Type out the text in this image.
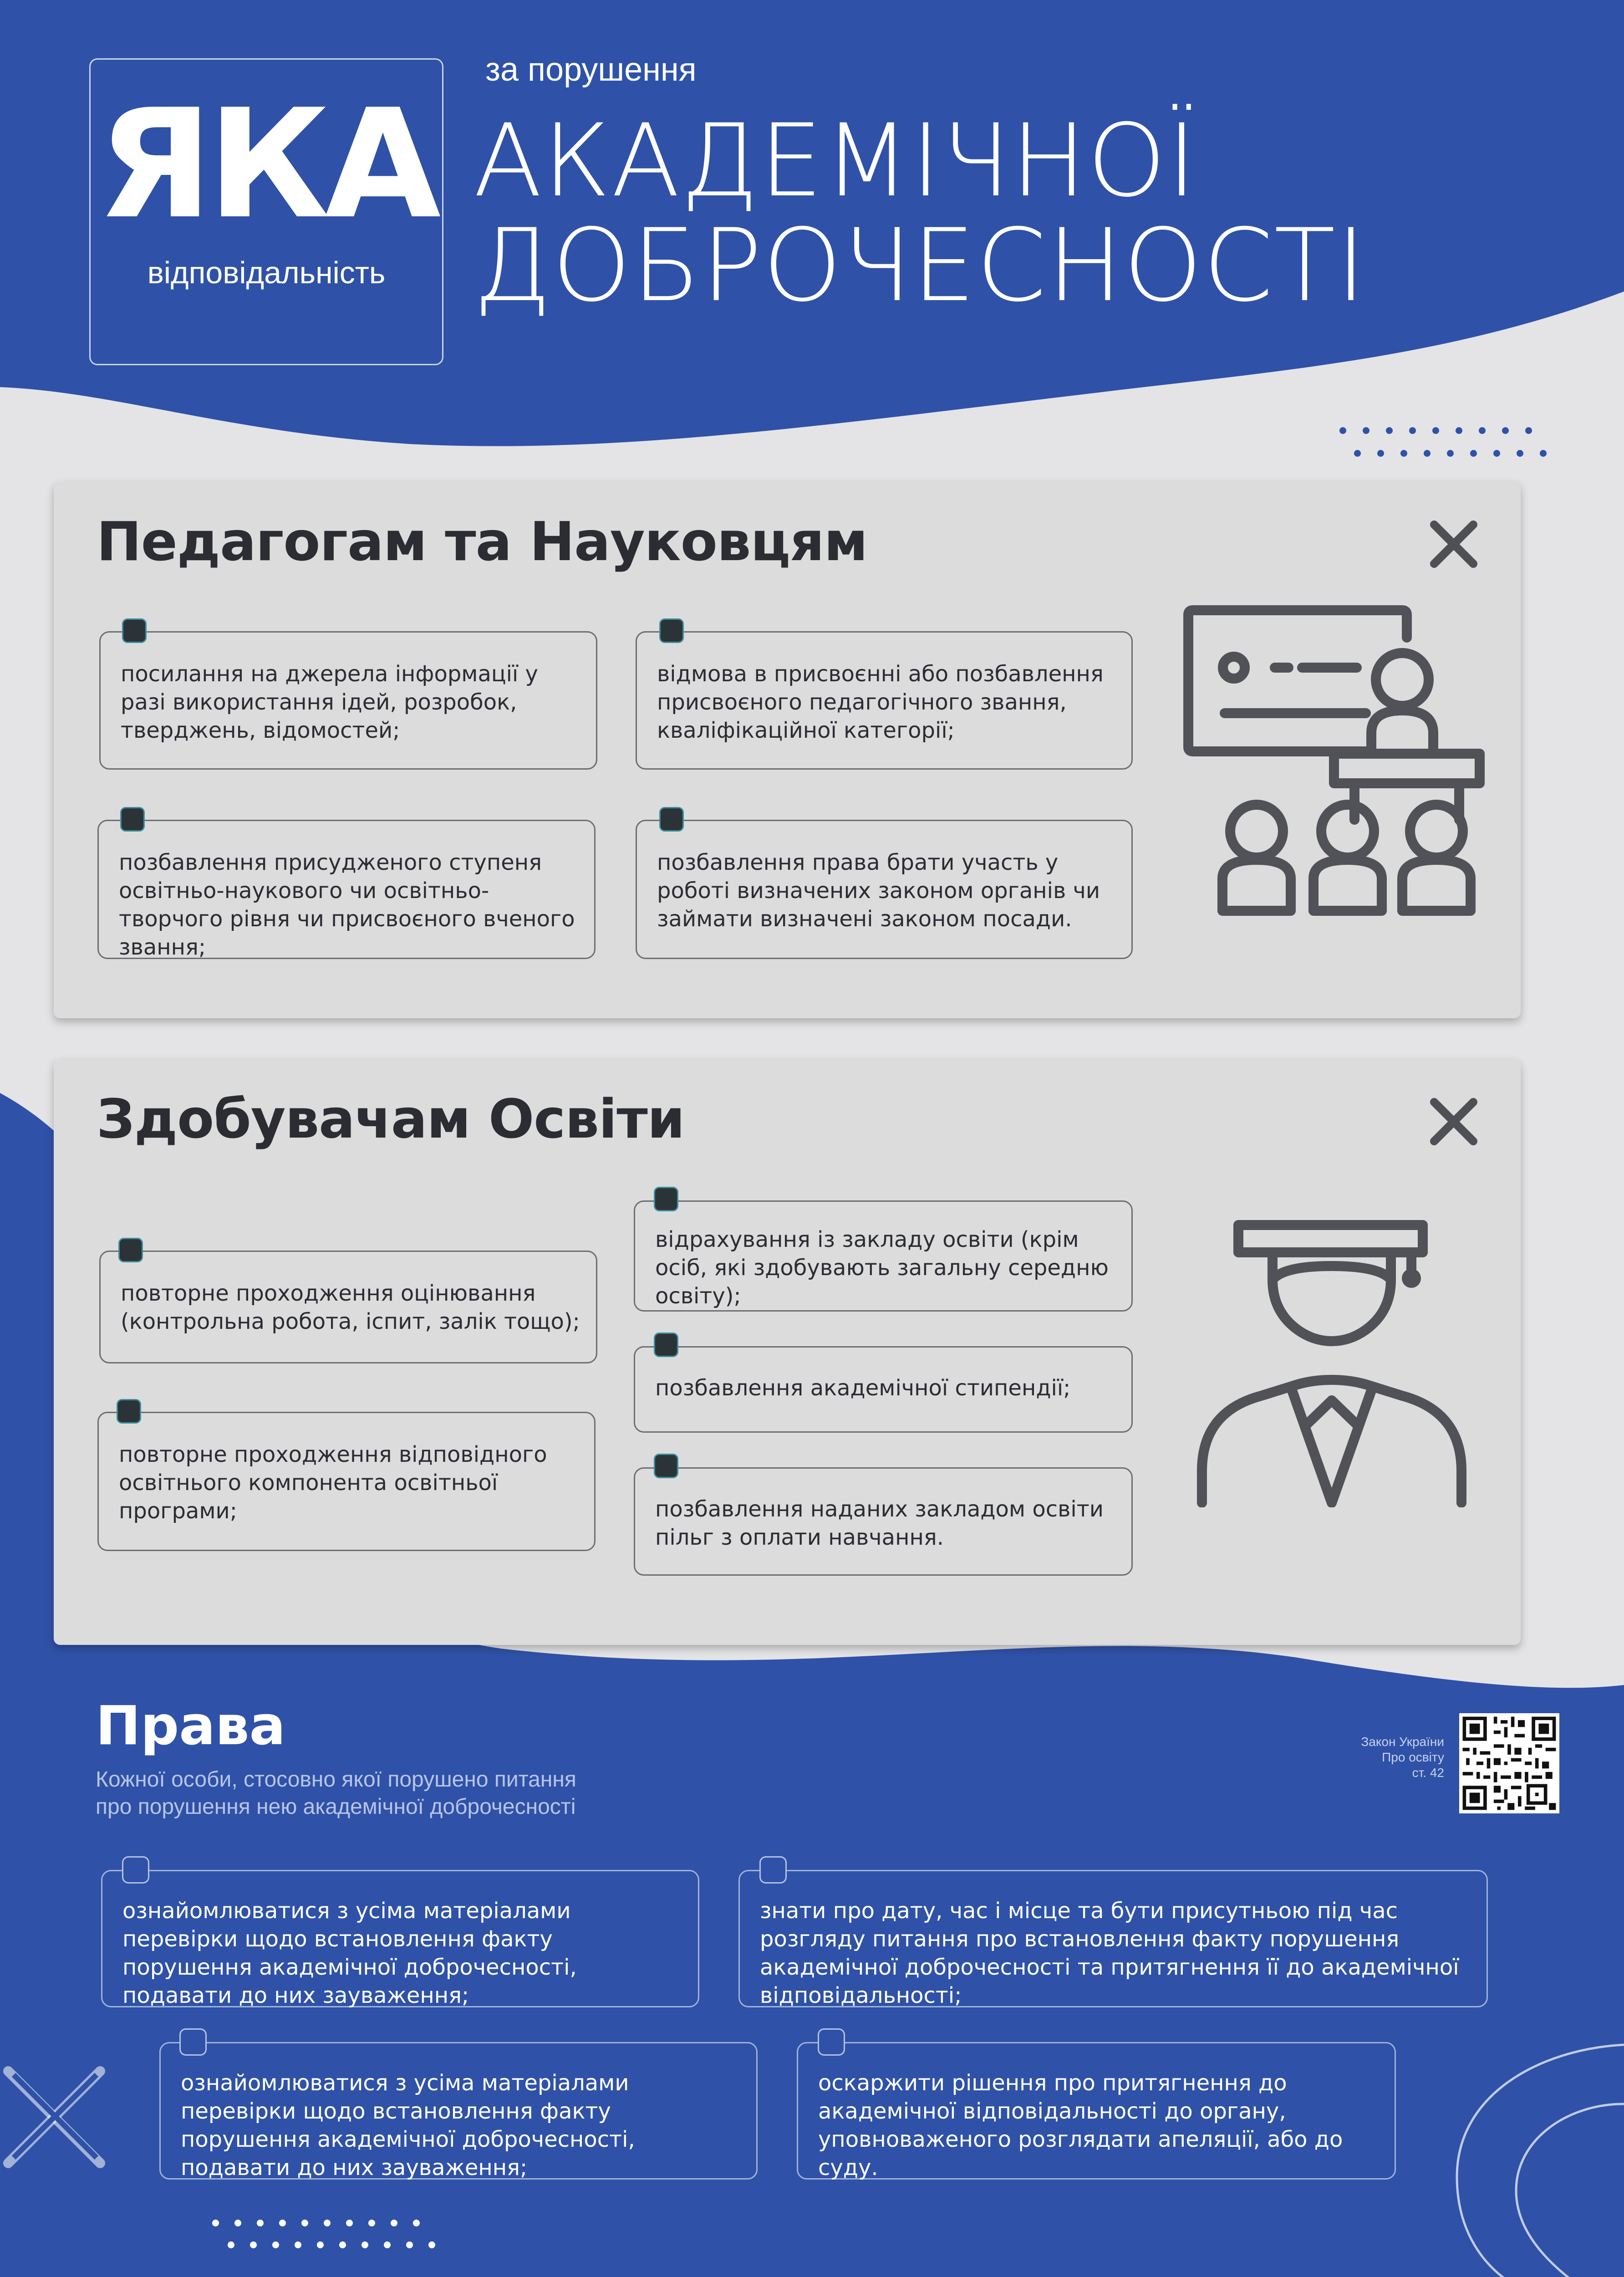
ЯКА
відповідальність
за порушення
АКАДЕМІЧНОЇ
ДОБРОЧЕСНОСТІ
Педагогам та Науковцям
посилання на джерела інформації у разі використання ідей, розробок, тверджень, відомостей;
відмова в присвоєнні або позбавлення присвоєного педагогічного звання, кваліфікаційної категорії;
позбавлення присудженого ступеня освітньо-наукового чи освітньо-творчого рівня чи присвоєного вченого звання;
позбавлення права брати участь у роботі визначених законом органів чи займати визначені законом посади.
Здобувачам Освіти
повторне проходження оцінювання (контрольна робота, іспит, залік тощо);
повторне проходження відповідного освітнього компонента освітньої програми;
відрахування із закладу освіти (крім осіб, які здобувають загальну середню освіту);
позбавлення академічної стипендії;
позбавлення наданих закладом освіти пільг з оплати навчання.
Права
Кожної особи, стосовно якої порушено питання
про порушення нею академічної доброчесності
Закон України
Про освіту
ст. 42
ознайомлюватися з усіма матеріалами перевірки щодо встановлення факту порушення академічної доброчесності, подавати до них зауваження;
знати про дату, час і місце та бути присутньою під час розгляду питання про встановлення факту порушення академічної доброчесності та притягнення її до академічної відповідальності;
ознайомлюватися з усіма матеріалами перевірки щодо встановлення факту порушення академічної доброчесності, подавати до них зауваження;
оскаржити рішення про притягнення до академічної відповідальності до органу, уповноваженого розглядати апеляції, або до суду.
